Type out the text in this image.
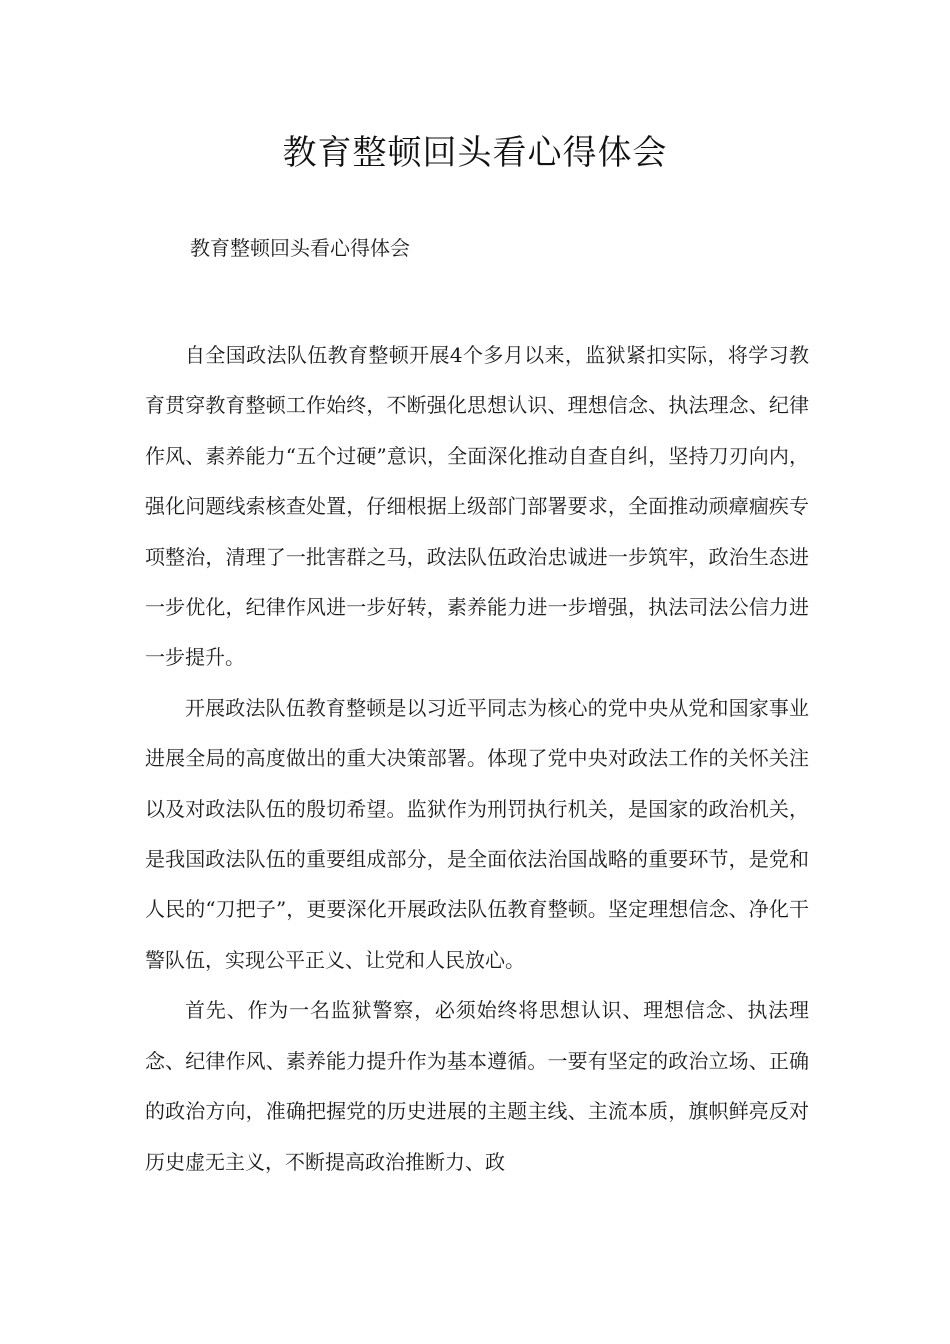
教育整顿回头看心得体会
教育整顿回头看心得体会

自全国政法队伍教育整顿开展4个多月以来，监狱紧扣实际，将学习教育贯穿教育整顿工作始终，不断强化思想认识、理想信念、执法理念、纪律作风、素养能力“五个过硬”意识，全面深化推动自查自纠，坚持刀刃向内，强化问题线索核查处置，仔细根据上级部门部署要求，全面推动顽瘴痼疾专项整治，清理了一批害群之马，政法队伍政治忠诚进一步筑牢，政治生态进一步优化，纪律作风进一步好转，素养能力进一步增强，执法司法公信力进一步提升。

开展政法队伍教育整顿是以习近平同志为核心的党中央从党和国家事业进展全局的高度做出的重大决策部署。体现了党中央对政法工作的关怀关注以及对政法队伍的殷切希望。监狱作为刑罚执行机关，是国家的政治机关，是我国政法队伍的重要组成部分，是全面依法治国战略的重要环节，是党和人民的“刀把子”，更要深化开展政法队伍教育整顿。坚定理想信念、净化干警队伍，实现公平正义、让党和人民放心。

首先、作为一名监狱警察，必须始终将思想认识、理想信念、执法理念、纪律作风、素养能力提升作为基本遵循。一要有坚定的政治立场、正确的政治方向，准确把握党的历史进展的主题主线、主流本质，旗帜鲜亮反对历史虚无主义，不断提高政治推断力、政
